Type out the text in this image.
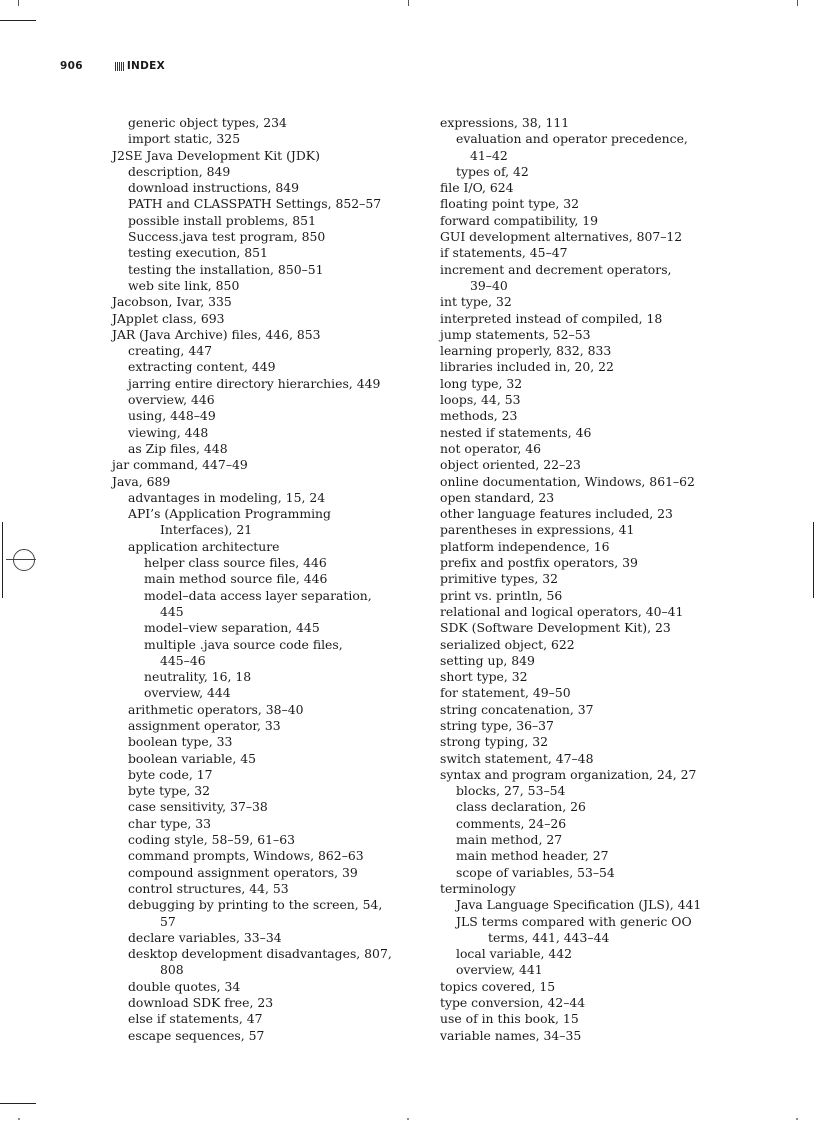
906	INDEX
generic object types, 234
import static, 325
J2SE Java Development Kit (JDK)
description, 849
download instructions, 849
PATH and CLASSPATH Settings, 852–57
possible install problems, 851
Success.java test program, 850
testing execution, 851
testing the installation, 850–51
web site link, 850
Jacobson, Ivar, 335
JApplet class, 693
JAR (Java Archive) files, 446, 853
creating, 447
extracting content, 449
jarring entire directory hierarchies, 449
overview, 446
using, 448–49
viewing, 448
as Zip files, 448
jar command, 447–49
Java, 689
advantages in modeling, 15, 24
API’s (Application Programming
Interfaces), 21
application architecture
helper class source files, 446
main method source file, 446
model–data access layer separation,
445
model–view separation, 445
multiple .java source code files,
445–46
neutrality, 16, 18
overview, 444
arithmetic operators, 38–40
assignment operator, 33
boolean type, 33
boolean variable, 45
byte code, 17
byte type, 32
case sensitivity, 37–38
char type, 33
coding style, 58–59, 61–63
command prompts, Windows, 862–63
compound assignment operators, 39
control structures, 44, 53
debugging by printing to the screen, 54,
57
declare variables, 33–34
desktop development disadvantages, 807,
808
double quotes, 34
download SDK free, 23
else if statements, 47
escape sequences, 57
expressions, 38, 111
evaluation and operator precedence,
41–42
types of, 42
file I/O, 624
floating point type, 32
forward compatibility, 19
GUI development alternatives, 807–12
if statements, 45–47
increment and decrement operators,
39–40
int type, 32
interpreted instead of compiled, 18
jump statements, 52–53
learning properly, 832, 833
libraries included in, 20, 22
long type, 32
loops, 44, 53
methods, 23
nested if statements, 46
not operator, 46
object oriented, 22–23
online documentation, Windows, 861–62
open standard, 23
other language features included, 23
parentheses in expressions, 41
platform independence, 16
prefix and postfix operators, 39
primitive types, 32
print vs. println, 56
relational and logical operators, 40–41
SDK (Software Development Kit), 23
serialized object, 622
setting up, 849
short type, 32
for statement, 49–50
string concatenation, 37
string type, 36–37
strong typing, 32
switch statement, 47–48
syntax and program organization, 24, 27
blocks, 27, 53–54
class declaration, 26
comments, 24–26
main method, 27
main method header, 27
scope of variables, 53–54
terminology
Java Language Specification (JLS), 441
JLS terms compared with generic OO
terms, 441, 443–44
local variable, 442
overview, 441
topics covered, 15
type conversion, 42–44
use of in this book, 15
variable names, 34–35
